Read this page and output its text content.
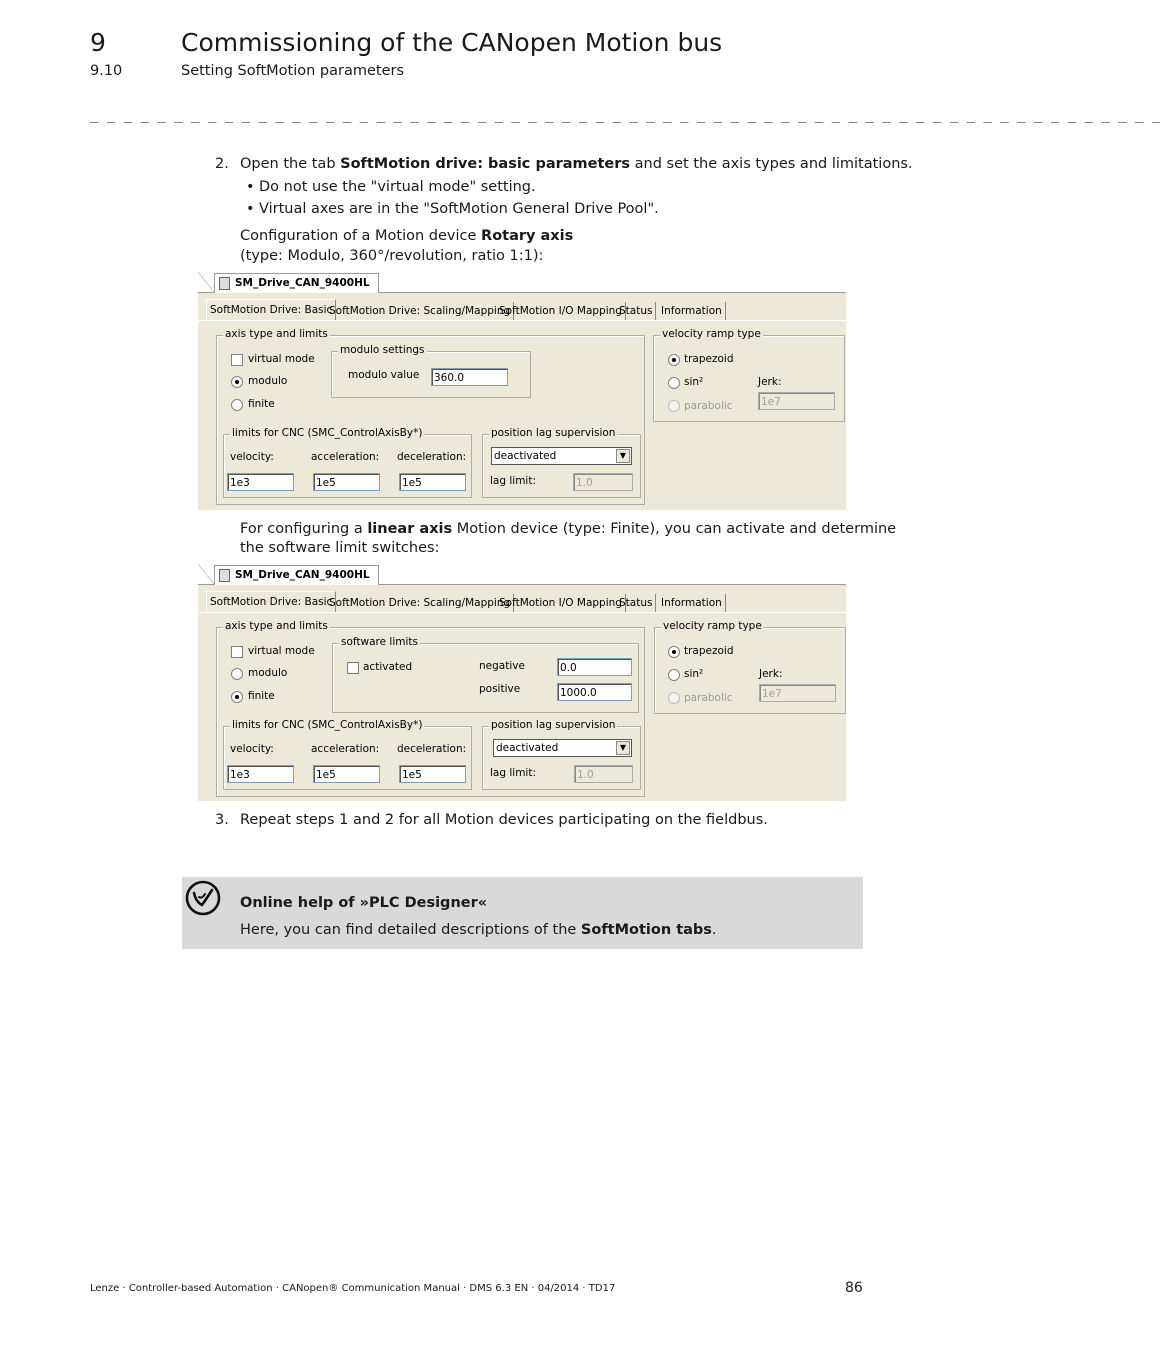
9	Commissioning of the CANopen Motion bus
9.10	Setting SoftMotion parameters
_ _ _ _ _ _ _ _ _ _ _ _ _ _ _ _ _ _ _ _ _ _ _ _ _ _ _ _ _ _ _ _ _ _ _ _ _ _ _ _ _ _ _ _ _ _ _ _ _ _ _ _ _ _ _ _ _ _ _ _ _ _ _ _
2. Open the tab SoftMotion drive: basic parameters and set the axis types and limitations.
• Do not use the "virtual mode" setting.
• Virtual axes are in the "SoftMotion General Drive Pool".
Configuration of a Motion device Rotary axis
(type: Modulo, 360°/revolution, ratio 1:1):
SM_Drive_CAN_9400HL
SoftMotion Drive: Basic
SoftMotion Drive: Scaling/Mapping
SoftMotion I/O Mapping
Status Information
axis type and limits
virtual mode
modulo
finite
modulo settings
modulo value 360.0
limits for CNC (SMC_ControlAxisBy*)
velocity:	acceleration: deceleration:
1e3	1e5	1e5
position lag supervision
deactivated	▼
lag limit:	1.0
velocity ramp type
trapezoid
sin²
parabolic
Jerk:
1e7
For configuring a linear axis Motion device (type: Finite), you can activate and determine
the software limit switches:
SM_Drive_CAN_9400HL
SoftMotion Drive: Basic
SoftMotion Drive: Scaling/Mapping
SoftMotion I/O Mapping
Status Information
axis type and limits
virtual mode
modulo
finite
software limits
activated	negative	0.0
positive	1000.0
limits for CNC (SMC_ControlAxisBy*)
velocity:	acceleration: deceleration:
1e3	1e5	1e5
position lag supervision
deactivated	▼
lag limit:	1.0
velocity ramp type
trapezoid
sin²
parabolic
Jerk:
1e7
3. Repeat steps 1 and 2 for all Motion devices participating on the fieldbus.
Online help of »PLC Designer«
Here, you can find detailed descriptions of the SoftMotion tabs.
Lenze · Controller-based Automation · CANopen® Communication Manual · DMS 6.3 EN · 04/2014 · TD17	86
